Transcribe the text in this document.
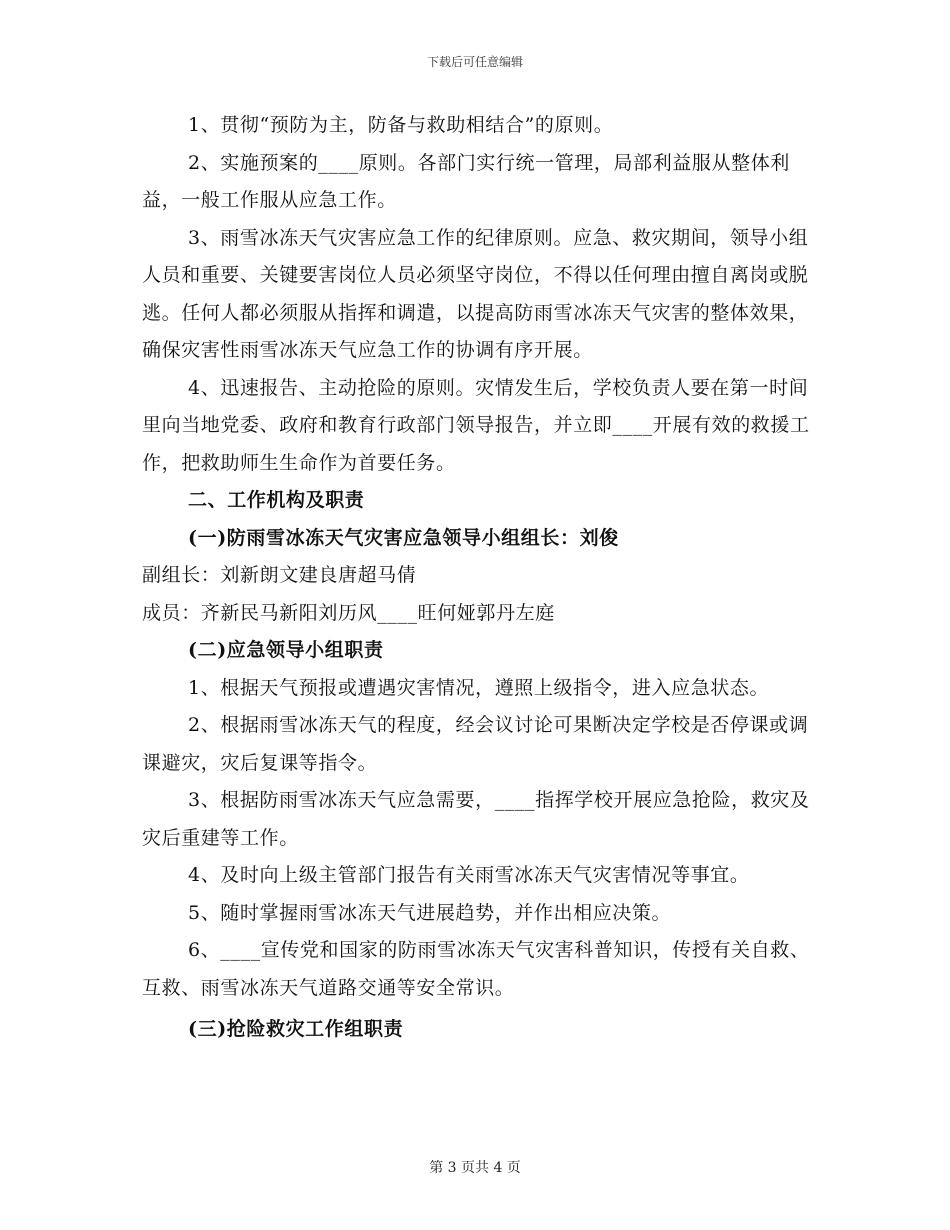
下载后可任意编辑

1、贯彻“预防为主，防备与救助相结合”的原则。

2、实施预案的____原则。各部门实行统一管理，局部利益服从整体利益，一般工作服从应急工作。

3、雨雪冰冻天气灾害应急工作的纪律原则。应急、救灾期间，领导小组人员和重要、关键要害岗位人员必须坚守岗位，不得以任何理由擅自离岗或脱逃。任何人都必须服从指挥和调遣，以提高防雨雪冰冻天气灾害的整体效果，确保灾害性雨雪冰冻天气应急工作的协调有序开展。

4、迅速报告、主动抢险的原则。灾情发生后，学校负责人要在第一时间里向当地党委、政府和教育行政部门领导报告，并立即____开展有效的救援工作，把救助师生生命作为首要任务。

二、工作机构及职责

(一)防雨雪冰冻天气灾害应急领导小组组长：刘俊

副组长：刘新朗文建良唐超马倩

成员：齐新民马新阳刘历风____旺何娅郭丹左庭

(二)应急领导小组职责

1、根据天气预报或遭遇灾害情况，遵照上级指令，进入应急状态。

2、根据雨雪冰冻天气的程度，经会议讨论可果断决定学校是否停课或调课避灾，灾后复课等指令。

3、根据防雨雪冰冻天气应急需要，____指挥学校开展应急抢险，救灾及灾后重建等工作。

4、及时向上级主管部门报告有关雨雪冰冻天气灾害情况等事宜。

5、随时掌握雨雪冰冻天气进展趋势，并作出相应决策。

6、____宣传党和国家的防雨雪冰冻天气灾害科普知识，传授有关自救、互救、雨雪冰冻天气道路交通等安全常识。

(三)抢险救灾工作组职责

第 3 页共 4 页
